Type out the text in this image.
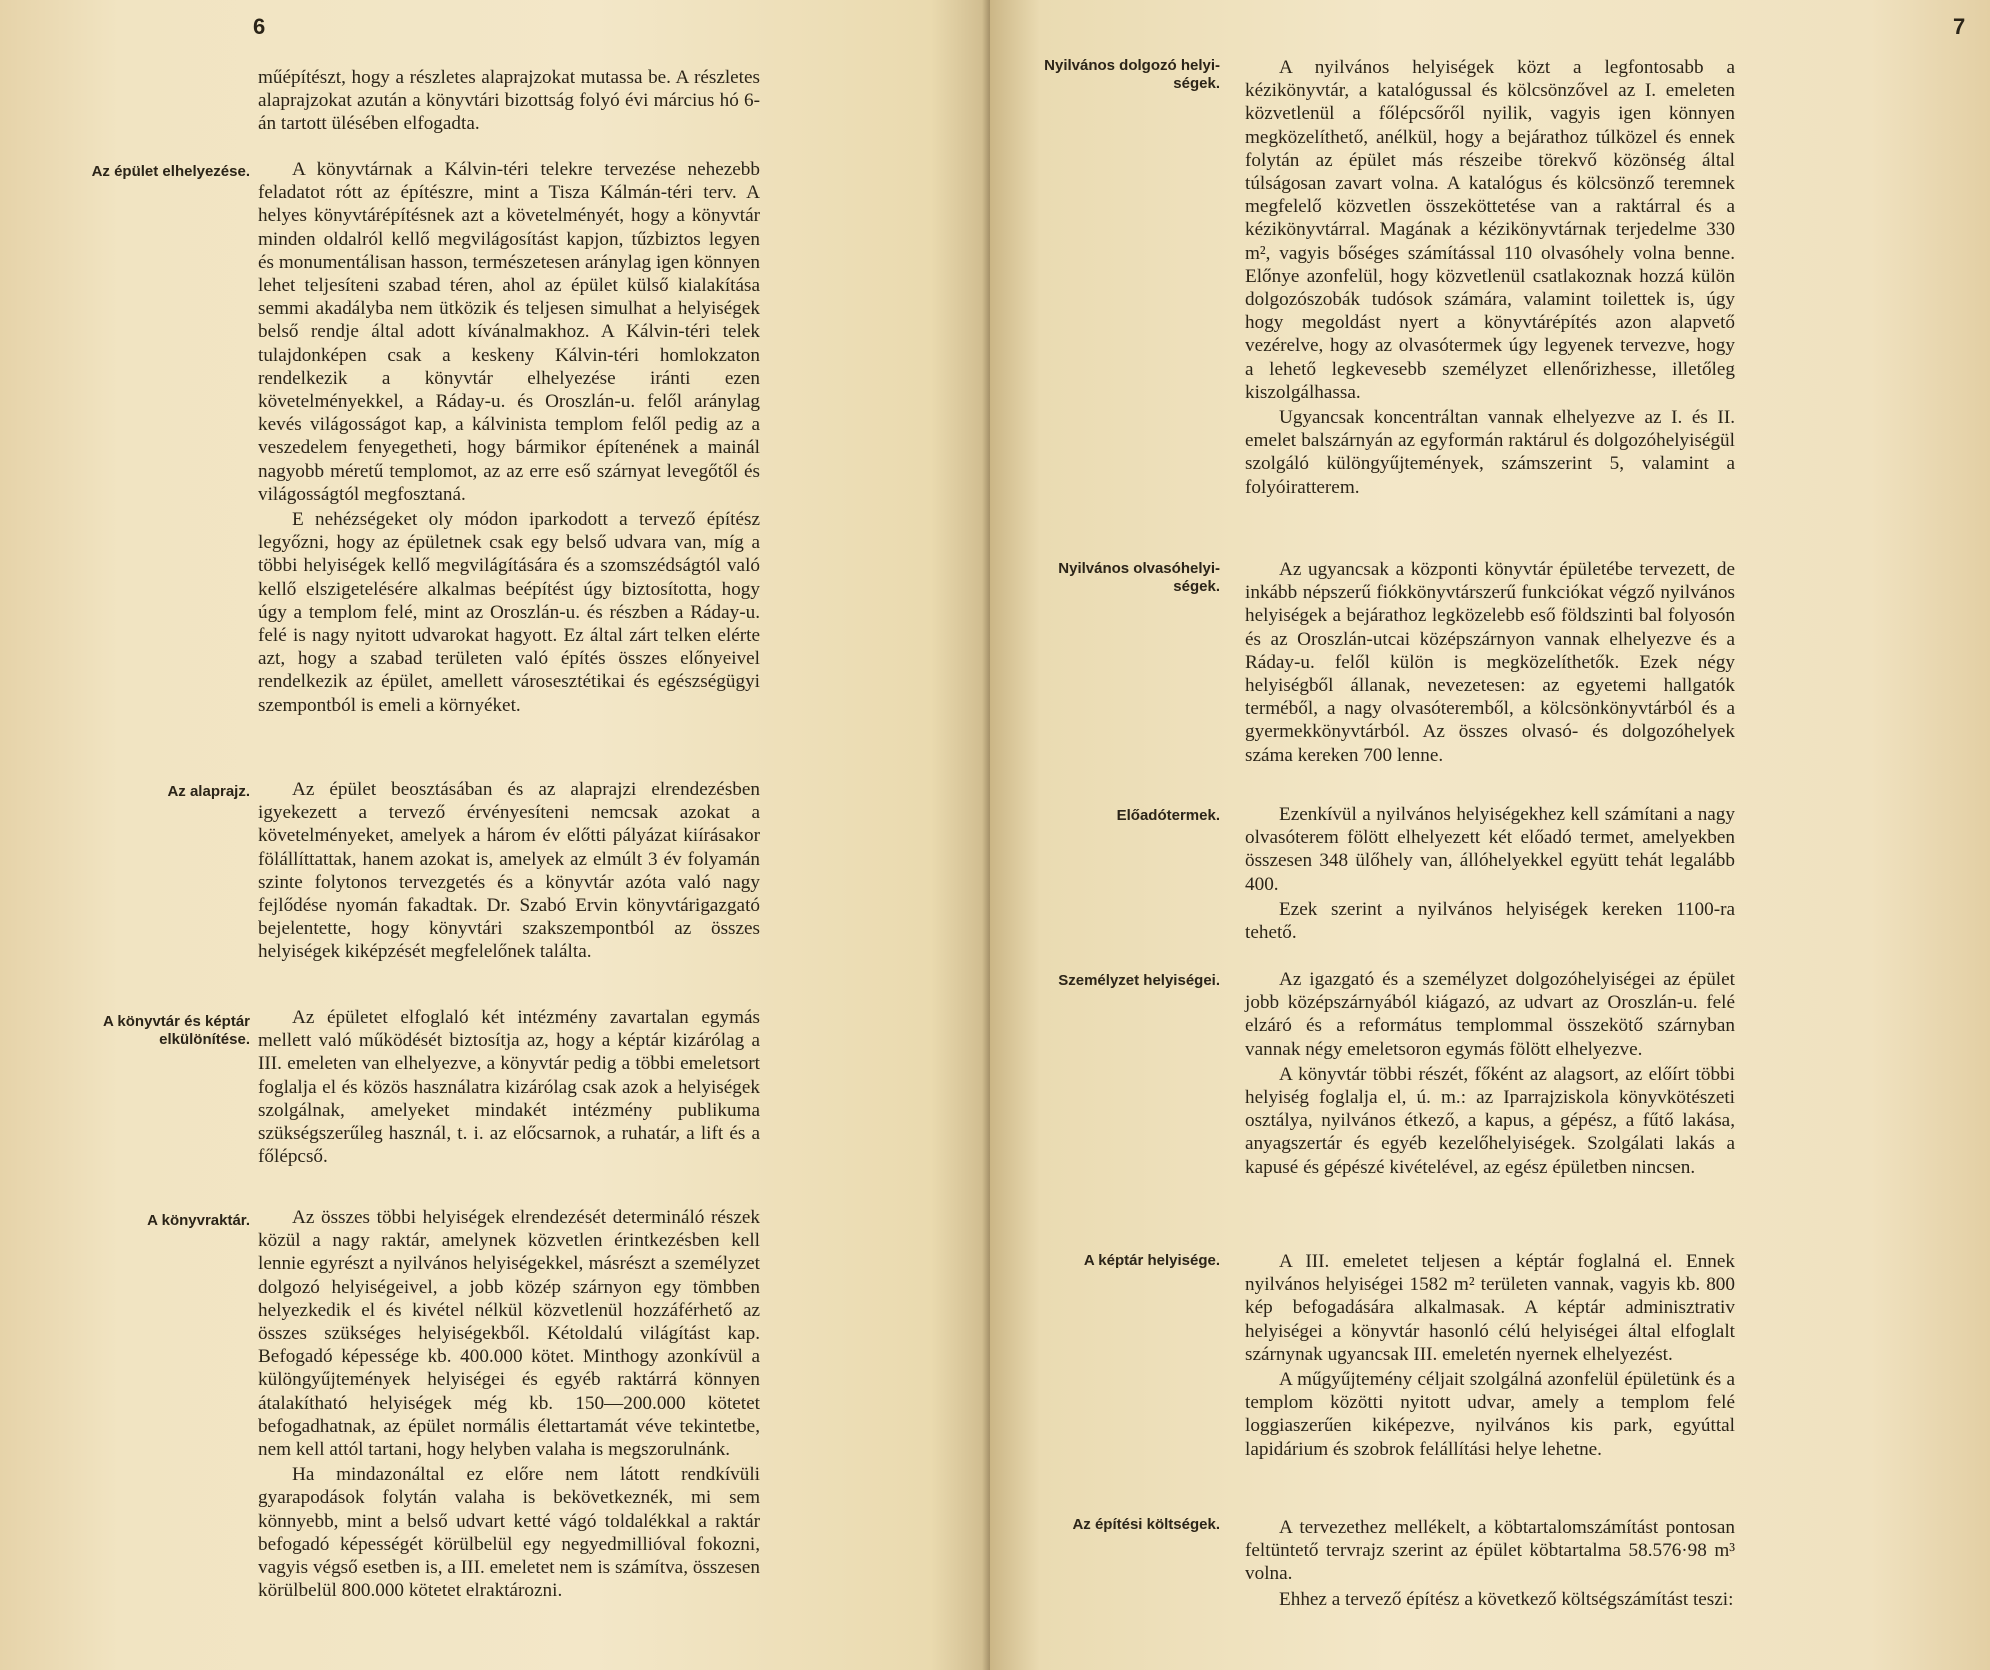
6

műépítészt, hogy a részletes alaprajzokat mutassa be. A részletes alaprajzokat azután a könyvtári bizottság folyó évi március hó 6-án tartott ülésében elfogadta.

Az épület elhelyezése.	A könyvtárnak a Kálvin-téri telekre tervezése nehezebb feladatot rótt az építészre, mint a Tisza Kálmán-téri terv. A helyes könyvtárépítésnek azt a követelményét, hogy a könyvtár minden oldalról kellő megvilágosítást kapjon, tűzbiztos legyen és monumentálisan hasson, természetesen aránylag igen könnyen lehet teljesíteni szabad téren, ahol az épület külső kialakítása semmi akadályba nem ütközik és teljesen simulhat a helyiségek belső rendje által adott kívánalmakhoz. A Kálvin-téri telek tulajdonképen csak a keskeny Kálvin-téri homlokzaton rendelkezik a könyvtár elhelyezése iránti ezen követelményekkel, a Ráday-u. és Oroszlán-u. felől aránylag kevés világosságot kap, a kálvinista templom felől pedig az a veszedelem fenyegetheti, hogy bármikor építenének a mainál nagyobb méretű templomot, az az erre eső szárnyat levegőtől és világosságtól megfosztaná.

E nehézségeket oly módon iparkodott a tervező építész legyőzni, hogy az épületnek csak egy belső udvara van, míg a többi helyiségek kellő megvilágítására és a szomszédságtól való kellő elszigetelésére alkalmas beépítést úgy biztosította, hogy úgy a templom felé, mint az Oroszlán-u. és részben a Ráday-u. felé is nagy nyitott udvarokat hagyott. Ez által zárt telken elérte azt, hogy a szabad területen való építés összes előnyeivel rendelkezik az épület, amellett városesztétikai és egészségügyi szempontból is emeli a környéket.

Az alaprajz.	Az épület beosztásában és az alaprajzi elrendezésben igyekezett a tervező érvényesíteni nemcsak azokat a követelményeket, amelyek a három év előtti pályázat kiírásakor fölállíttattak, hanem azokat is, amelyek az elmúlt 3 év folyamán szinte folytonos tervezgetés és a könyvtár azóta való nagy fejlődése nyomán fakadtak. Dr. Szabó Ervin könyvtárigazgató bejelentette, hogy könyvtári szakszempontból az összes helyiségek kiképzését megfelelőnek találta.

A könyvtár és képtár
elkülönítése.

Az épületet elfoglaló két intézmény zavartalan egymás mellett való működését biztosítja az, hogy a képtár kizárólag a III. emeleten van elhelyezve, a könyvtár pedig a többi emeletsort foglalja el és közös használatra kizárólag csak azok a helyiségek szolgálnak, amelyeket mindakét intézmény publikuma szükségszerűleg használ, t. i. az előcsarnok, a ruhatár, a lift és a főlépcső.

A könyvraktár.	Az összes többi helyiségek elrendezését determináló részek közül a nagy raktár, amelynek közvetlen érintkezésben kell lennie egyrészt a nyilvános helyiségekkel, másrészt a személyzet dolgozó helyiségeivel, a jobb közép szárnyon egy tömbben helyezkedik el és kivétel nélkül közvetlenül hozzáférhető az összes szükséges helyiségekből. Kétoldalú világítást kap. Befogadó képessége kb. 400.000 kötet. Minthogy azonkívül a különgyűjtemények helyiségei és egyéb raktárrá könnyen átalakítható helyiségek még kb. 150—200.000 kötetet befogadhatnak, az épület normális élettartamát véve tekintetbe, nem kell attól tartani, hogy helyben valaha is megszorulnánk.

Ha mindazonáltal ez előre nem látott rendkívüli gyarapodások folytán valaha is bekövetkeznék, mi sem könnyebb, mint a belső udvart ketté vágó toldalékkal a raktár befogadó képességét körülbelül egy negyedmillióval fokozni, vagyis végső esetben is, a III. emeletet nem is számítva, összesen körülbelül 800.000 kötetet elraktározni.

7
Nyilvános dolgozó helyi-
ségek.

A nyilvános helyiségek közt a legfontosabb a kézikönyvtár, a katalógussal és kölcsönzővel az I. emeleten közvetlenül a főlépcsőről nyilik, vagyis igen könnyen megközelíthető, anélkül, hogy a bejárathoz túlközel és ennek folytán az épület más részeibe törekvő közönség által túlságosan zavart volna. A katalógus és kölcsönző teremnek megfelelő közvetlen összeköttetése van a raktárral és a kézikönyvtárral. Magának a kézikönyvtárnak terjedelme 330 m², vagyis bőséges számítással 110 olvasóhely volna benne. Előnye azonfelül, hogy közvetlenül csatlakoznak hozzá külön dolgozószobák tudósok számára, valamint toilettek is, úgy hogy megoldást nyert a könyvtárépítés azon alapvető vezérelve, hogy az olvasótermek úgy legyenek tervezve, hogy a lehető legkevesebb személyzet ellenőrizhesse, illetőleg kiszolgálhassa.

Ugyancsak koncentráltan vannak elhelyezve az I. és II. emelet balszárnyán az egyformán raktárul és dolgozóhelyiségül szolgáló különgyűjtemények, számszerint 5, valamint a folyóiratterem.

Nyilvános olvasóhelyi-
ségek.

Az ugyancsak a központi könyvtár épületébe tervezett, de inkább népszerű fiókkönyvtárszerű funkciókat végző nyilvános helyiségek a bejárathoz legközelebb eső földszinti bal folyosón és az Oroszlán-utcai középszárnyon vannak elhelyezve és a Ráday-u. felől külön is megközelíthetők. Ezek négy helyiségből állanak, nevezetesen: az egyetemi hallgatók terméből, a nagy olvasóteremből, a kölcsönkönyvtárból és a gyermekkönyvtárból. Az összes olvasó- és dolgozóhelyek száma kereken 700 lenne.

Előadótermek.	Ezenkívül a nyilvános helyiségekhez kell számítani a nagy olvasóterem fölött elhelyezett két előadó termet, amelyekben összesen 348 ülőhely van, állóhelyekkel együtt tehát legalább 400.

Ezek szerint a nyilvános helyiségek kereken 1100-ra tehető.

Személyzet helyiségei.	Az igazgató és a személyzet dolgozóhelyiségei az épület jobb középszárnyából kiágazó, az udvart az Oroszlán-u. felé elzáró és a református templommal összekötő szárnyban vannak négy emeletsoron egymás fölött elhelyezve.

A könyvtár többi részét, főként az alagsort, az előírt többi helyiség foglalja el, ú. m.: az Iparrajziskola könyvkötészeti osztálya, nyilvános étkező, a kapus, a gépész, a fűtő lakása, anyagszertár és egyéb kezelőhelyiségek. Szolgálati lakás a kapusé és gépészé kivételével, az egész épületben nincsen.

A képtár helyisége.	A III. emeletet teljesen a képtár foglalná el. Ennek nyilvános helyiségei 1582 m² területen vannak, vagyis kb. 800 kép befogadására alkalmasak. A képtár adminisztrativ helyiségei a könyvtár hasonló célú helyiségei által elfoglalt szárnynak ugyancsak III. emeletén nyernek elhelyezést.

A műgyűjtemény céljait szolgálná azonfelül épületünk és a templom közötti nyitott udvar, amely a templom felé loggiaszerűen kiképezve, nyilvános kis park, egyúttal lapidárium és szobrok felállítási helye lehetne.

Az építési költségek.	A tervezethez mellékelt, a köbtartalomszámítást pontosan feltüntető tervrajz szerint az épület köbtartalma 58.576·98 m³ volna.

Ehhez a tervező építész a következő költségszámítást teszi:
